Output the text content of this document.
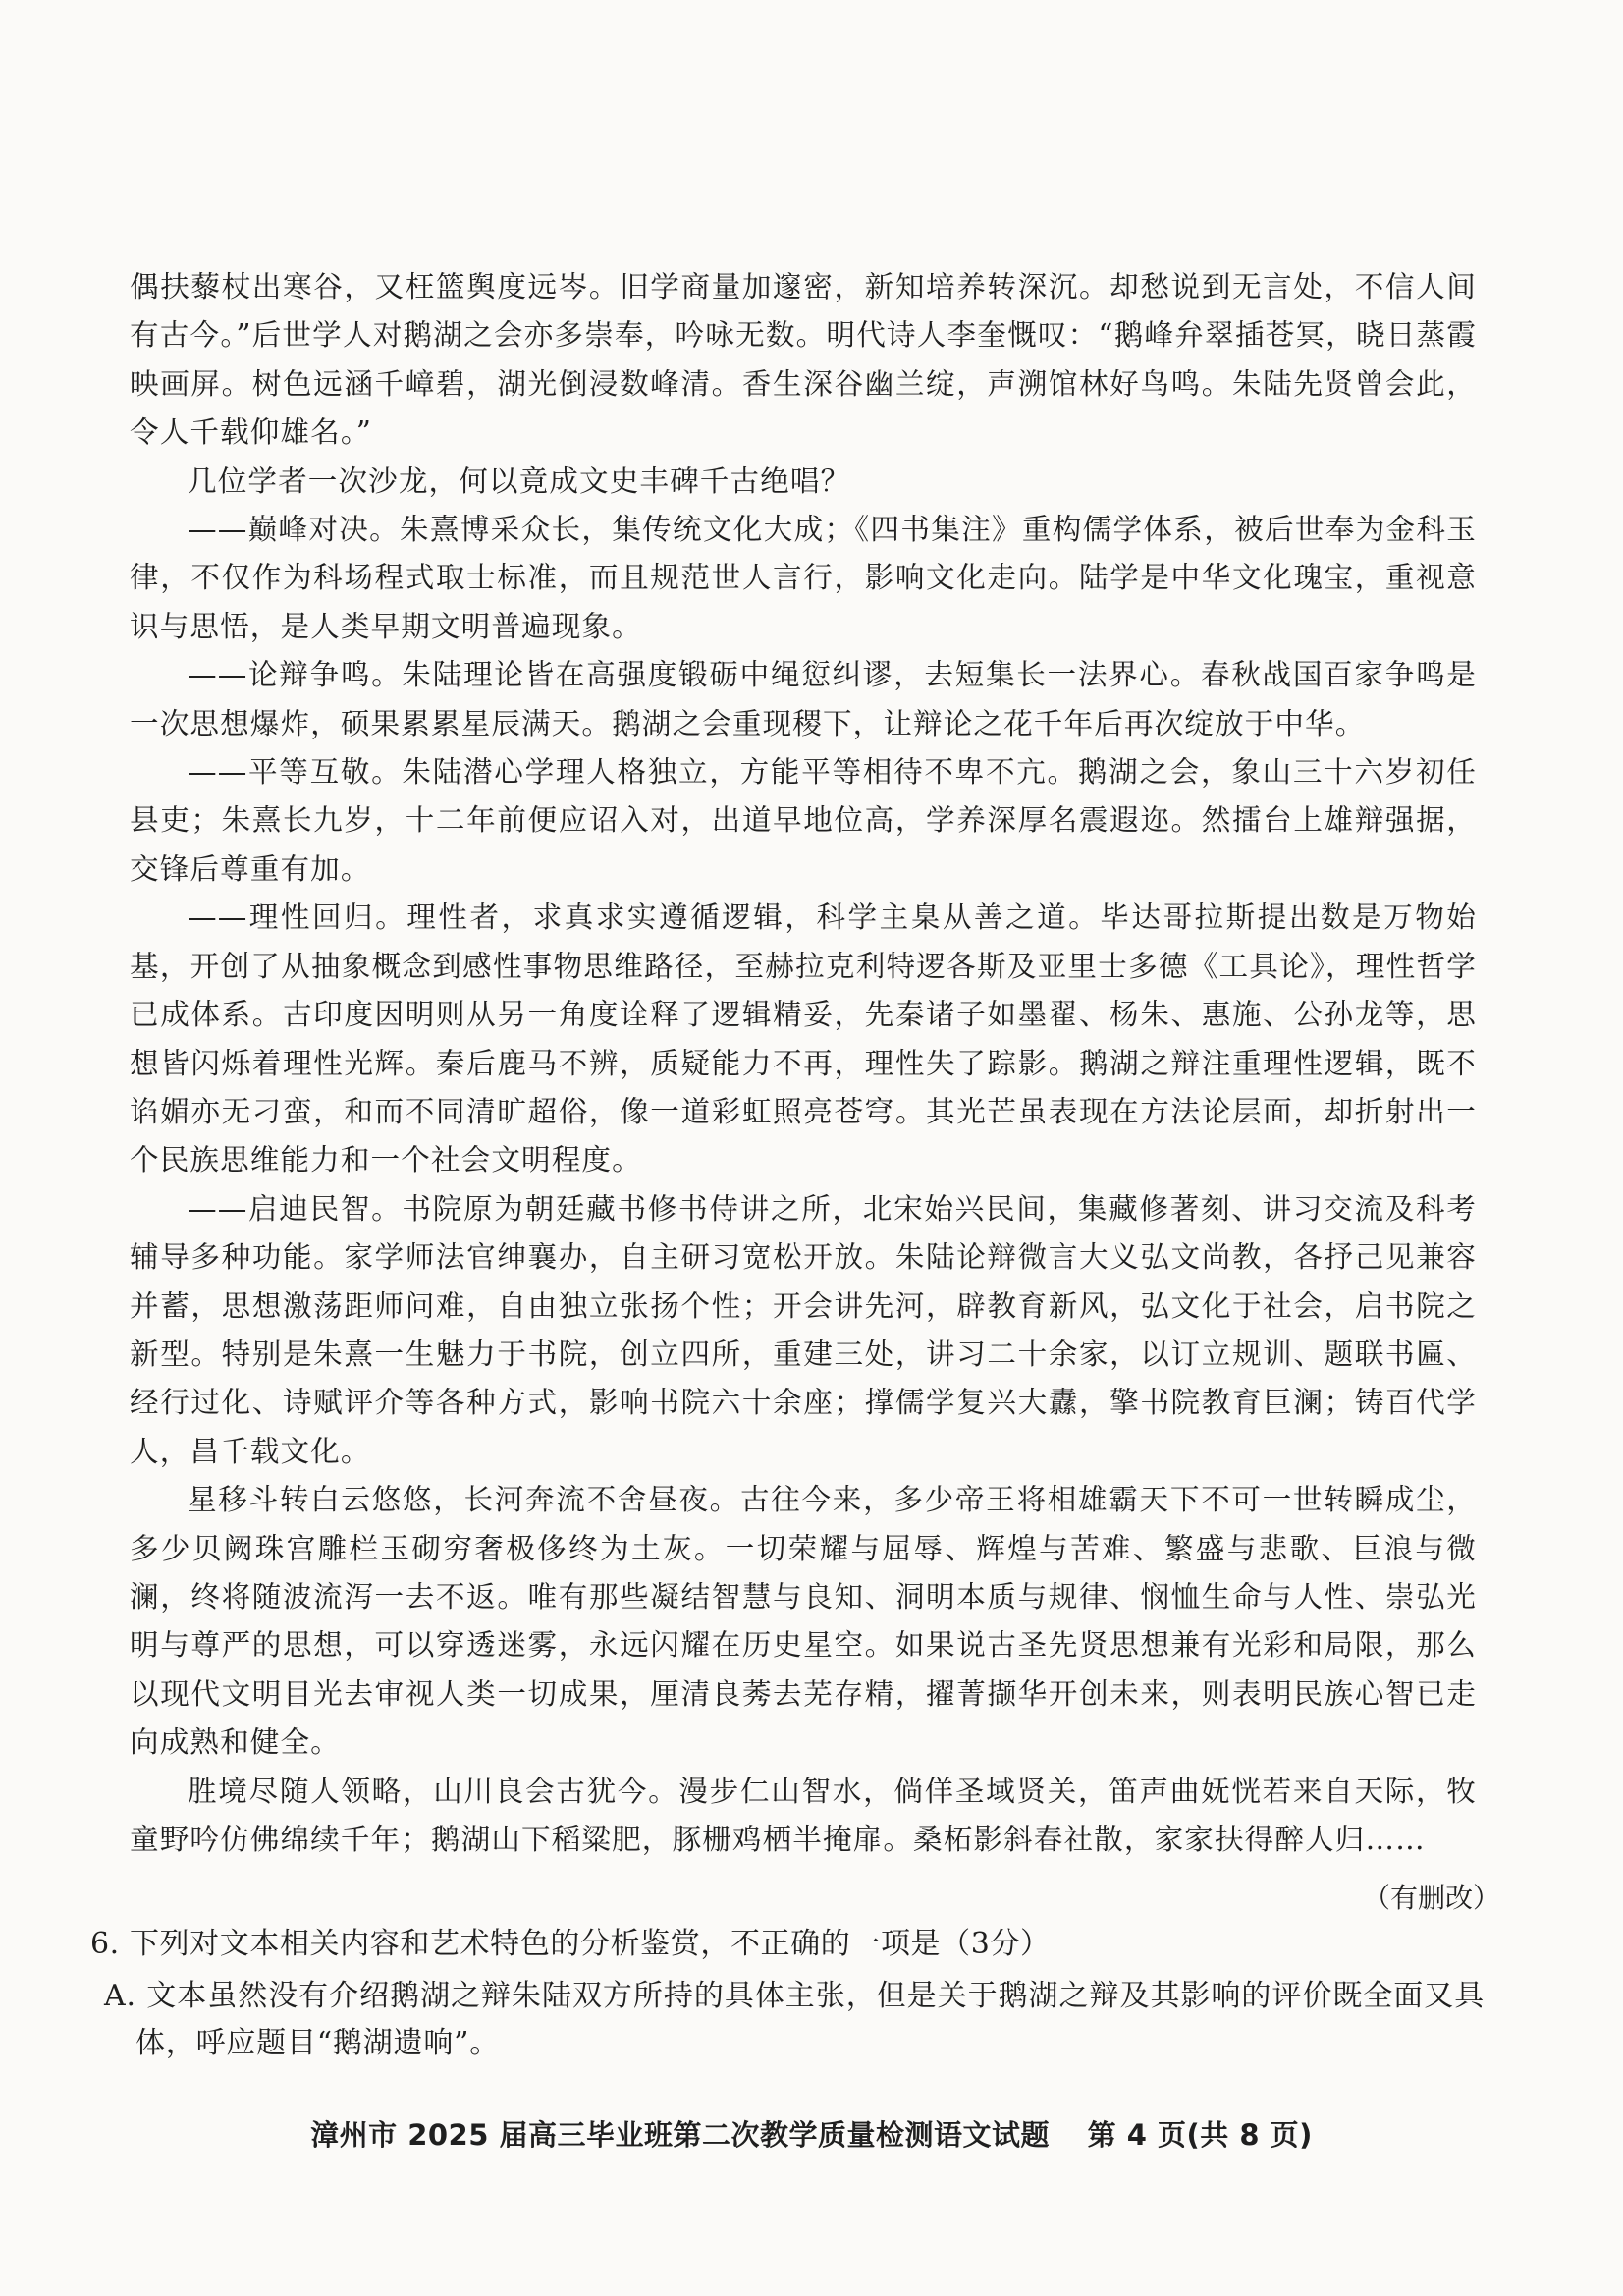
偶扶藜杖出寒谷，又枉篮舆度远岑。旧学商量加邃密，新知培养转深沉。却愁说到无言处，不信人间有古今。”后世学人对鹅湖之会亦多崇奉，吟咏无数。明代诗人李奎慨叹：“鹅峰弁翠插苍冥，晓日蒸霞映画屏。树色远涵千嶂碧，湖光倒浸数峰清。香生深谷幽兰绽，声溯馆林好鸟鸣。朱陆先贤曾会此，令人千载仰雄名。”

几位学者一次沙龙，何以竟成文史丰碑千古绝唱？

——巅峰对决。朱熹博采众长，集传统文化大成；《四书集注》重构儒学体系，被后世奉为金科玉律，不仅作为科场程式取士标准，而且规范世人言行，影响文化走向。陆学是中华文化瑰宝，重视意识与思悟，是人类早期文明普遍现象。

——论辩争鸣。朱陆理论皆在高强度锻砺中绳愆纠谬，去短集长一法界心。春秋战国百家争鸣是一次思想爆炸，硕果累累星辰满天。鹅湖之会重现稷下，让辩论之花千年后再次绽放于中华。

——平等互敬。朱陆潜心学理人格独立，方能平等相待不卑不亢。鹅湖之会，象山三十六岁初任县吏；朱熹长九岁，十二年前便应诏入对，出道早地位高，学养深厚名震遐迩。然擂台上雄辩强据，交锋后尊重有加。

——理性回归。理性者，求真求实遵循逻辑，科学主臬从善之道。毕达哥拉斯提出数是万物始基，开创了从抽象概念到感性事物思维路径，至赫拉克利特逻各斯及亚里士多德《工具论》，理性哲学已成体系。古印度因明则从另一角度诠释了逻辑精妥，先秦诸子如墨翟、杨朱、惠施、公孙龙等，思想皆闪烁着理性光辉。秦后鹿马不辨，质疑能力不再，理性失了踪影。鹅湖之辩注重理性逻辑，既不谄媚亦无刁蛮，和而不同清旷超俗，像一道彩虹照亮苍穹。其光芒虽表现在方法论层面，却折射出一个民族思维能力和一个社会文明程度。

——启迪民智。书院原为朝廷藏书修书侍讲之所，北宋始兴民间，集藏修著刻、讲习交流及科考辅导多种功能。家学师法官绅襄办，自主研习宽松开放。朱陆论辩微言大义弘文尚教，各抒己见兼容并蓄，思想激荡距师问难，自由独立张扬个性；开会讲先河，辟教育新风，弘文化于社会，启书院之新型。特别是朱熹一生魅力于书院，创立四所，重建三处，讲习二十余家，以订立规训、题联书匾、经行过化、诗赋评介等各种方式，影响书院六十余座；撑儒学复兴大纛，擎书院教育巨澜；铸百代学人，昌千载文化。

星移斗转白云悠悠，长河奔流不舍昼夜。古往今来，多少帝王将相雄霸天下不可一世转瞬成尘，多少贝阙珠宫雕栏玉砌穷奢极侈终为土灰。一切荣耀与屈辱、辉煌与苦难、繁盛与悲歌、巨浪与微澜，终将随波流泻一去不返。唯有那些凝结智慧与良知、洞明本质与规律、悯恤生命与人性、崇弘光明与尊严的思想，可以穿透迷雾，永远闪耀在历史星空。如果说古圣先贤思想兼有光彩和局限，那么以现代文明目光去审视人类一切成果，厘清良莠去芜存精，擢菁撷华开创未来，则表明民族心智已走向成熟和健全。

胜境尽随人领略，山川良会古犹今。漫步仁山智水，倘佯圣域贤关，笛声曲妩恍若来自天际，牧童野吟仿佛绵续千年；鹅湖山下稻粱肥，豚栅鸡栖半掩扉。桑柘影斜春社散，家家扶得醉人归……

（有删改）

6. 下列对文本相关内容和艺术特色的分析鉴赏，不正确的一项是（3分）

A. 文本虽然没有介绍鹅湖之辩朱陆双方所持的具体主张，但是关于鹅湖之辩及其影响的评价既全面又具体，呼应题目“鹅湖遗响”。

漳州市 2025 届高三毕业班第二次教学质量检测语文试题 第 4 页(共 8 页)
